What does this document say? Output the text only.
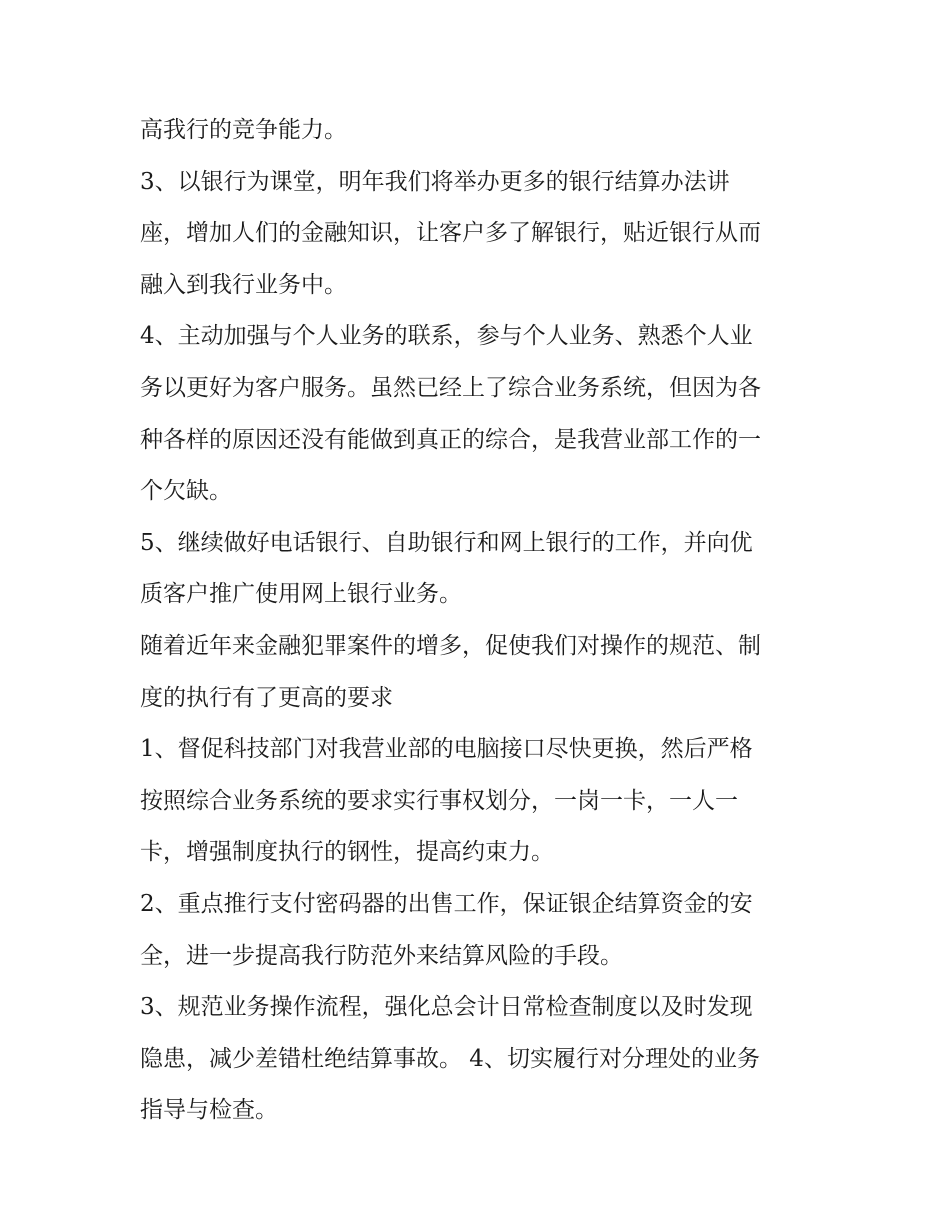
高我行的竞争能力。
3、以银行为课堂，明年我们将举办更多的银行结算办法讲
座，增加人们的金融知识，让客户多了解银行，贴近银行从而
融入到我行业务中。
4、主动加强与个人业务的联系，参与个人业务、熟悉个人业
务以更好为客户服务。虽然已经上了综合业务系统，但因为各
种各样的原因还没有能做到真正的综合，是我营业部工作的一
个欠缺。
5、继续做好电话银行、自助银行和网上银行的工作，并向优
质客户推广使用网上银行业务。
随着近年来金融犯罪案件的增多，促使我们对操作的规范、制
度的执行有了更高的要求
1、督促科技部门对我营业部的电脑接口尽快更换，然后严格
按照综合业务系统的要求实行事权划分，一岗一卡，一人一
卡，增强制度执行的钢性，提高约束力。
2、重点推行支付密码器的出售工作，保证银企结算资金的安
全，进一步提高我行防范外来结算风险的手段。
3、规范业务操作流程，强化总会计日常检查制度以及时发现
隐患，减少差错杜绝结算事故。 4、切实履行对分理处的业务
指导与检查。
